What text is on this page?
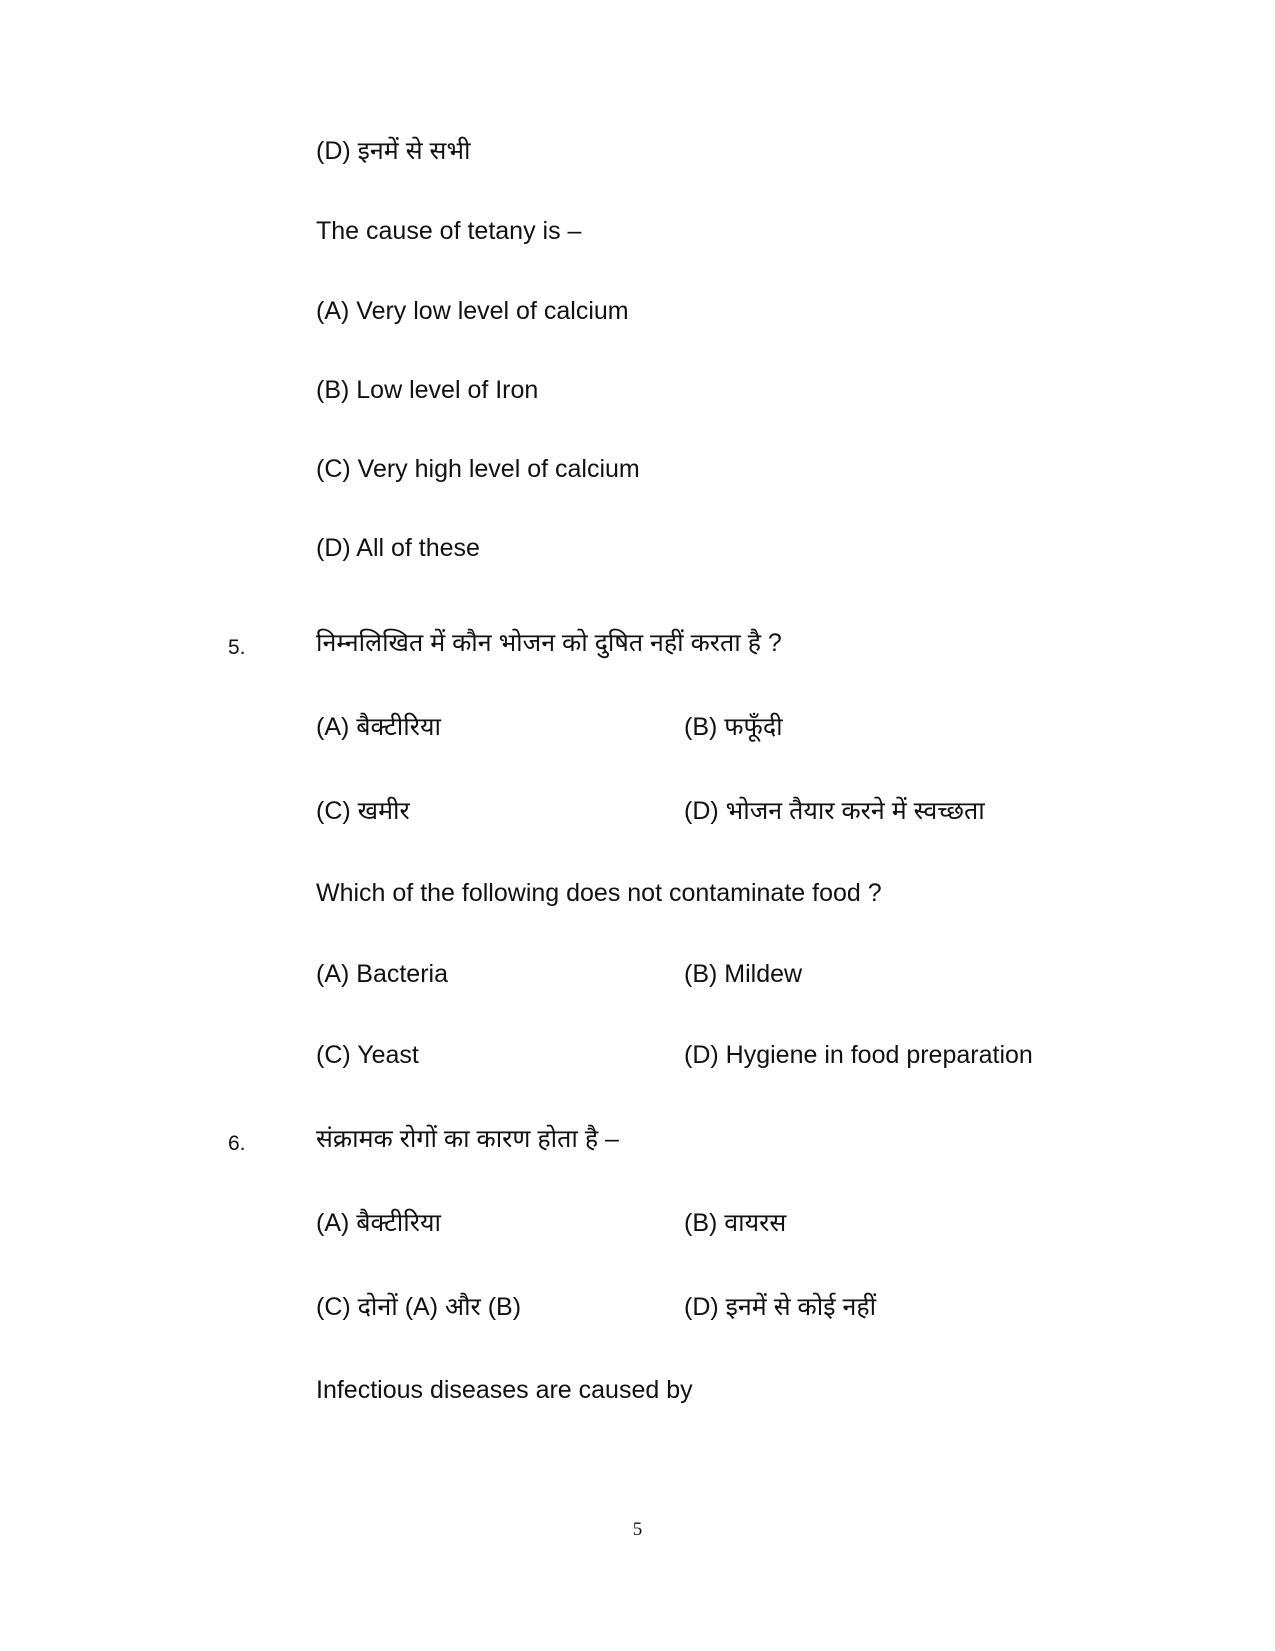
(D) इनमें से सभी
The cause of tetany is –
(A) Very low level of calcium
(B) Low level of Iron
(C) Very high level of calcium
(D) All of these
5.	निम्नलिखित में कौन भोजन को दुषित नहीं करता है ?
(A) बैक्टीरिया	(B) फफूँदी
(C) खमीर	(D) भोजन तैयार करने में स्वच्छता
Which of the following does not contaminate food ?
(A) Bacteria	(B) Mildew
(C) Yeast	(D) Hygiene in food preparation
6.	संक्रामक रोगों का कारण होता है –
(A) बैक्टीरिया	(B) वायरस
(C) दोनों (A) और (B)	(D) इनमें से कोई नहीं
Infectious diseases are caused by
5
